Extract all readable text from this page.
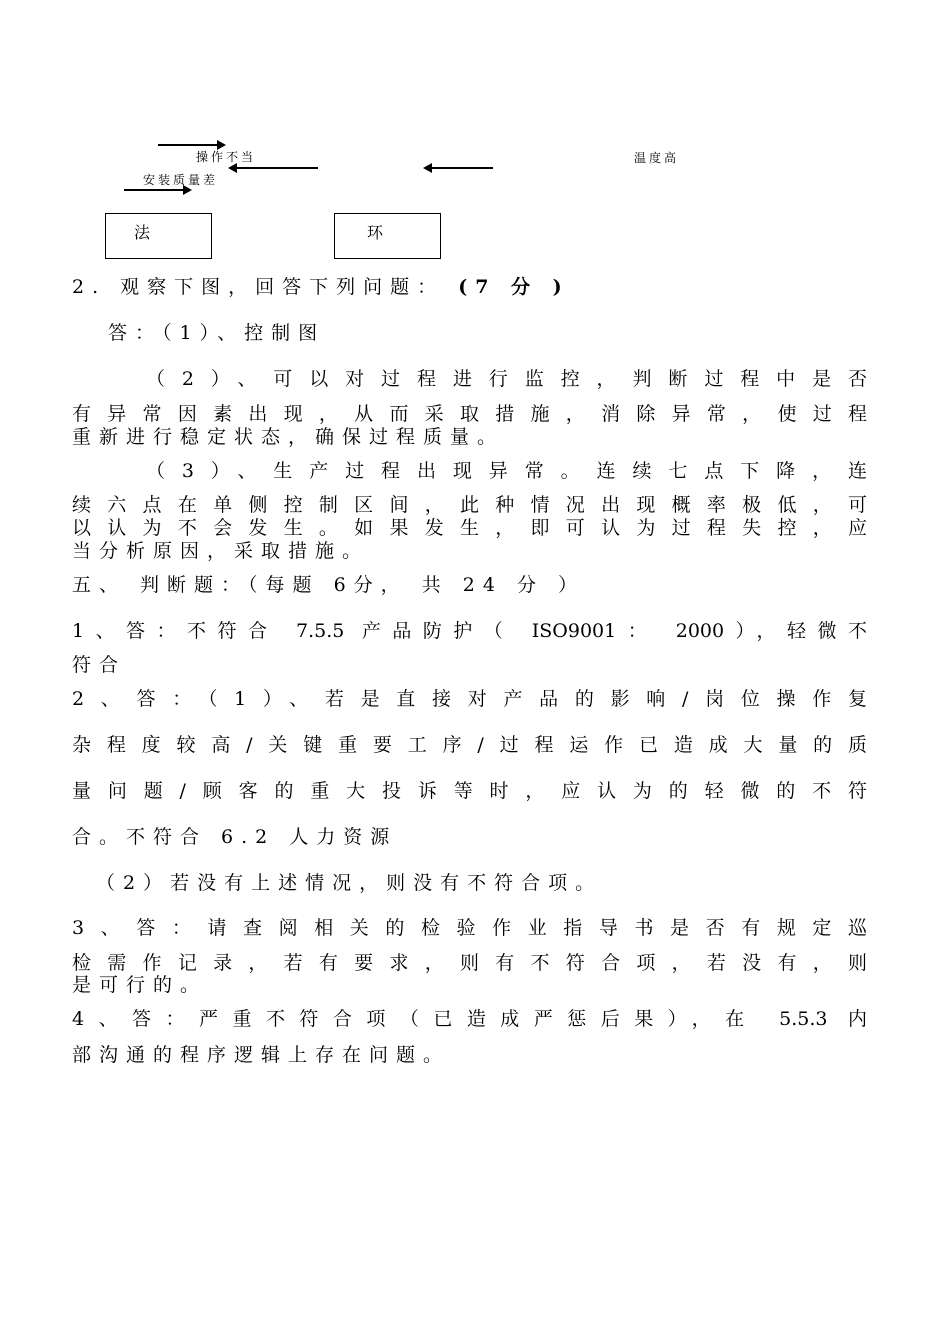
操作不当
安装质量差
温度高
法	环
2. 观察下图，回答下列问题： (7 分 )
答：（1）、控制图
（2）、可以对过程进行监控，判断过程中是否
有异常因素出现，从而采取措施，消除异常，使过程
重新进行稳定状态，确保过程质量。
（3）、生产过程出现异常。连续七点下降，连
续六点在单侧控制区间，此种情况出现概率极低，可
以认为不会发生。如果发生，即可认为过程失控，应
当分析原因，采取措施。
五、 判断题：（每题 6分， 共 24 分 ）
1、答：不符合 7.5.5 产品防护（ ISO9001： 2000），轻微不
符合
2、答：（1）、若是直接对产品的影响/岗位操作复
杂程度较高/关键重要工序/过程运作已造成大量的质
量问题/顾客的重大投诉等时，应认为的轻微的不符
合。不符合 6.2 人力资源
（2）若没有上述情况，则没有不符合项。
3、答：请查阅相关的检验作业指导书是否有规定巡
检需作记录，若有要求，则有不符合项，若没有，则
是可行的。
4、答：严重不符合项（已造成严惩后果），在 5.5.3 内
部沟通的程序逻辑上存在问题。
